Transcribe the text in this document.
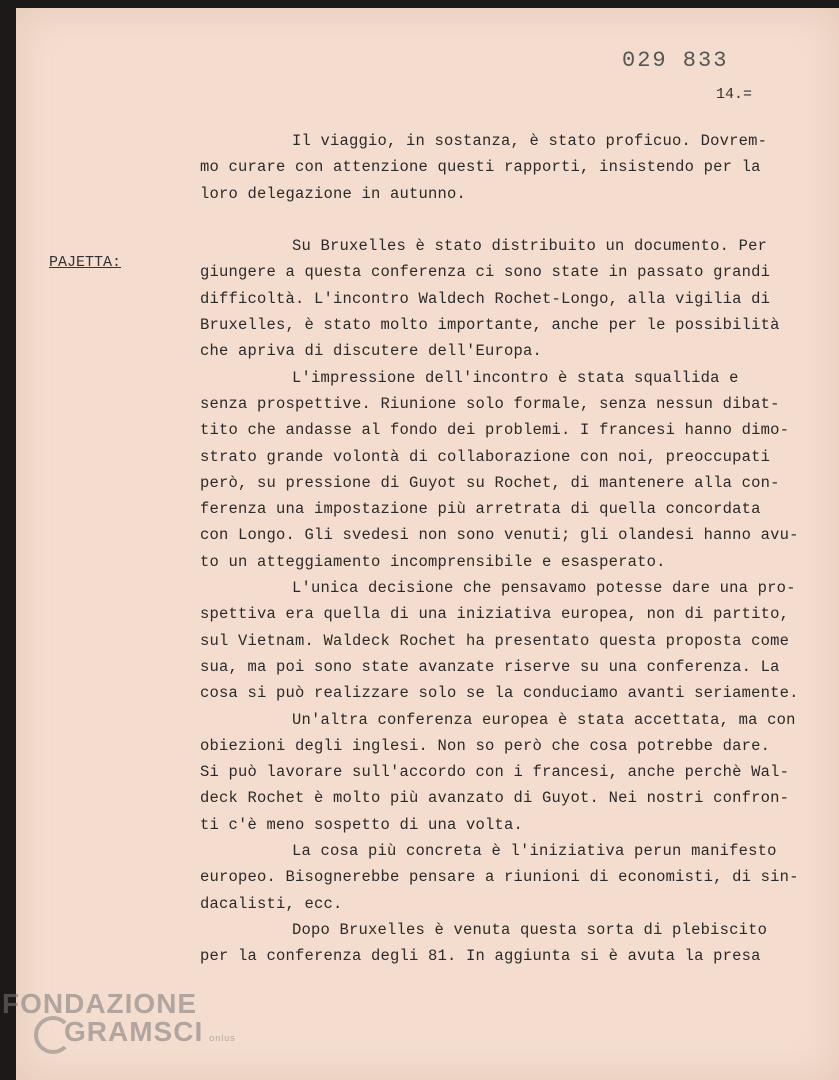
029 833
14.=
PAJETTA:
Il viaggio, in sostanza, è stato proficuo. Dovrem-
mo curare con attenzione questi rapporti, insistendo per la
loro delegazione in autunno.
Su Bruxelles è stato distribuito un documento. Per
giungere a questa conferenza ci sono state in passato grandi
difficoltà. L'incontro Waldech Rochet-Longo, alla vigilia di
Bruxelles, è stato molto importante, anche per le possibilità
che apriva di discutere dell'Europa.
L'impressione dell'incontro è stata squallida e
senza prospettive. Riunione solo formale, senza nessun dibat-
tito che andasse al fondo dei problemi. I francesi hanno dimo-
strato grande volontà di collaborazione con noi, preoccupati
però, su pressione di Guyot su Rochet, di mantenere alla con-
ferenza una impostazione più arretrata di quella concordata
con Longo. Gli svedesi non sono venuti; gli olandesi hanno avu-
to un atteggiamento incomprensibile e esasperato.
L'unica decisione che pensavamo potesse dare una pro-
spettiva era quella di una iniziativa europea, non di partito,
sul Vietnam. Waldeck Rochet ha presentato questa proposta come
sua, ma poi sono state avanzate riserve su una conferenza. La
cosa si può realizzare solo se la conduciamo avanti seriamente.
Un'altra conferenza europea è stata accettata, ma con
obiezioni degli inglesi. Non so però che cosa potrebbe dare.
Si può lavorare sull'accordo con i francesi, anche perchè Wal-
deck Rochet è molto più avanzato di Guyot. Nei nostri confron-
ti c'è meno sospetto di una volta.
La cosa più concreta è l'iniziativa perun manifesto
europeo. Bisognerebbe pensare a riunioni di economisti, di sin-
dacalisti, ecc.
Dopo Bruxelles è venuta questa sorta di plebiscito
per la conferenza degli 81. In aggiunta si è avuta la presa
FONDAZIONE
GRAMSCI onlus
